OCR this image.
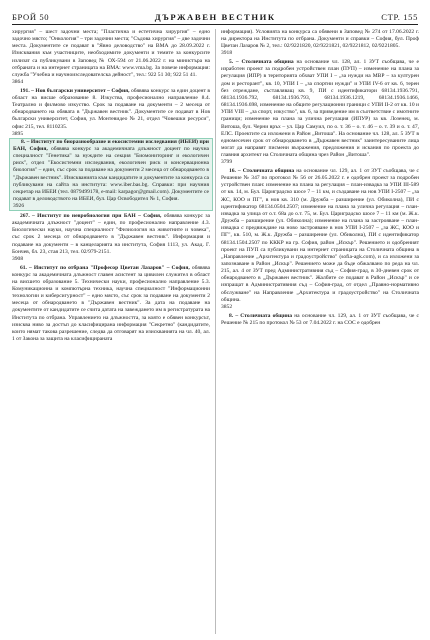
БРОЙ 50	ДЪРЖАВЕН ВЕСТНИК	СТР. 155

хирургия" – шест задочни места; "Пластична и естетична хирургия" – едно задочно място; "Онкология" – три задочни места; "Съдова хирургия" – две задочни места. Документите се подават в "Явно деловодство" на ВМА до 28.09.2022 г. Изисквания към участниците, необходимите документи и темите за конкурсите излизат са публикувани в Заповед № ОХ-594 от 21.06.2022 г. на министъра на отбраната и на интернет страницата на ВМА: www.vma.bg. За повече информация: служба "Учебна и научноизследователска дейност", тел.: 922 51 30; 922 51 41.

3864

191. – Нов български университет – София, обявява конкурс за един доцент в област на висше образование 8. Изкуства, професионално направление 8.4. Театрално и филмово изкуство. Срок за подаване на документи – 2 месеца от обнародването на обявата в "Държавен вестник". Документите се подават в Нов български университет, София, ул. Монтевидео № 21, отдел "Човешки ресурси", офис 215, тел. 8110235.

3895

8. – Институт по биоразнообразие и екосистемни изследвания (ИБЕИ) при БАН, София, обявява конкурс за академичната длъжност доцент по научна специалност "Генетика" за нуждите на секция "Биомониторинг и екологичен риск", отдел "Екосистемни изследвания, екологичен риск и консервационна биология" – един, със срок за подаване на документи 2 месеца от обнародването в "Държавен вестник". Изискванията към кандидатите и документите за конкурса са публикувани на сайта на института: www.iber.bas.bg. Справки: при научния секретар на ИБЕИ (тел. 0879499178, e-mail: karpagor@gmail.com). Документите се подават в деловодството на ИБЕИ, бул. Цар Освободител № 1, София.

3926

267. – Институт по невробиология при БАН – София, обявява конкурс за академичната длъжност "доцент" – един, по професионално направление 4.3. Биологически науки, научна специалност "Физиология на животните и човека", със срок 2 месеца от обнародването в "Държавен вестник". Информация и подаване на документи – в канцеларията на института, София 1113, ул. Акад. Г. Бончев, бл. 23, стая 213, тел. 02/979-2151.

3908

61. – Институт по отбрана "Професор Цветан Лазаров" – София, обявява конкурс за академичната длъжност главен асистент за цивилен служител в област на висшето образование 5. Технически науки, професионално направление 5.3. Комуникационна и компютърна техника, научна специалност "Информационни технологии и киберсигурност" – едно място, със срок за подаване на документи 2 месеца от обнародването в "Държавен вестник". За дата на подаване на документите от кандидатите се счита датата на завеждането им в регистратурата на Института по отбрана. Управлението на длъжността, за която е обявен конкурсът, изисква ниво за достъп до класифицирана информация "Секретно" (кандидатите, които нямат такова разрешение, следва да отговарят на изискванията на чл. 40, ал. 1 от Закона за защита на класифицираната

информация). Условията на конкурса са обявени в Заповед № 274 от 17.06.2022 г. на директора на Института по отбрана. Документи и справки – София, бул. Проф Цветан Лазаров № 2, тел.: 02/9221820, 02/9221821, 02/9221812, 02/9221805.

3918

5. – Столичната община на основание чл. 128, ал. 1 ЗУТ съобщава, че е изработен проект за подробен устройствен план (ПУП) – изменение на плана за регулация (ИПР) в територията обхват УПИ I – „за нужди на МВР – за културен дом и ресторант", кв. 10, УПИ I – „за спортни нужди" и УПИ IV-6 от кв. 6, терен без отреждане, съставляващ кв. 9, ПИ с идентификатори 68134.1936.791, 68134.1936.792, 68134.1936.793, 68134.1936.1219, 68134.1936.1466, 68134.1936.698, изменение на общите регулационни граници с УПИ II-2 от кв. 10 и УПИ VIII – „за спорт, изкуство", кв. 6, за приведение им в съответствие с имотните граници; изменение на плана за улична регулация (ИПУР) за кв. Лозенец, м. Витоша, бул. Черни връх – ул. Цар Самуил, по о. т. 36 – о. т. 46 – о. т. 39 и о. т. 47, ЕЛС. Проектите са изложени в Район „Витоша". На основание чл. 128, ал. 5 ЗУТ в едномесечен срок от обнародването в „Държавен вестник" заинтересуваните лица могат да направят писмени възражения, предложения и искания по проекта до главния архитект на Столичната община чрез Район „Витоша".

3799

16. – Столичната община на основание чл. 129, ал. 1 от ЗУТ съобщава, че с Решение № 347 по протокол № 56 от 26.05.2022 г. е одобрен проект за подробен устройствен план: изменение на плана за регулация – план-извадка за УПИ III-589 от кв. 14, м. Бул. Цариградско шосе 7 – 11 км, и създаване на нов УПИ I-2507 – „за ЖС, КОО и ПГ", в нов кв. 310 (м. Дружба – разширение (ул. Обиколна), ПИ с идентификатор 68134.0504.2507; изменение на плана за улична регулация – план-извадка за улица от о.т. 68а до о.т. 75, м. Бул. Цариградско шосе 7 – 11 км (м. Ж.к. Дружба – разширение (ул. Обиколна); изменение на плана за застрояване – план-извадка с предвиждане на ново застрояване в нов УПИ I-2507 – „за ЖС, КОО и ПГ", кв. 510, м. Ж.к. Дружба – разширение (ул. Обиколна), ПИ с идентификатор 68134.1504.2507 по КККР на гр. София, район „Искър". Решението и одобреният проект на ПУП са публикувани на интернет страницата на Столичната община в „Направление „Архитектура и градоустройство" (sofia-agk.com), и са изложени за запознаване в Район „Искър". Решението може да бъде обжалвано по реда на чл. 215, ал. 4 от ЗУТ пред Административния съд – София-град, в 30-дневен срок от обнародването в „Държавен вестник". Жалбите се подават в Район „Искър" и се изпращат в Административния съд – София-град, от отдел „Правно-нормативно обслужване" на Направление „Архитектура и градоустройство" на Столичната община.

3852

8. – Столичната община на основание чл. 129, ал. 1 от ЗУТ съобщава, че с Решение № 215 по протокол № 53 от 7.04.2022 г. на СОС е одобрен
